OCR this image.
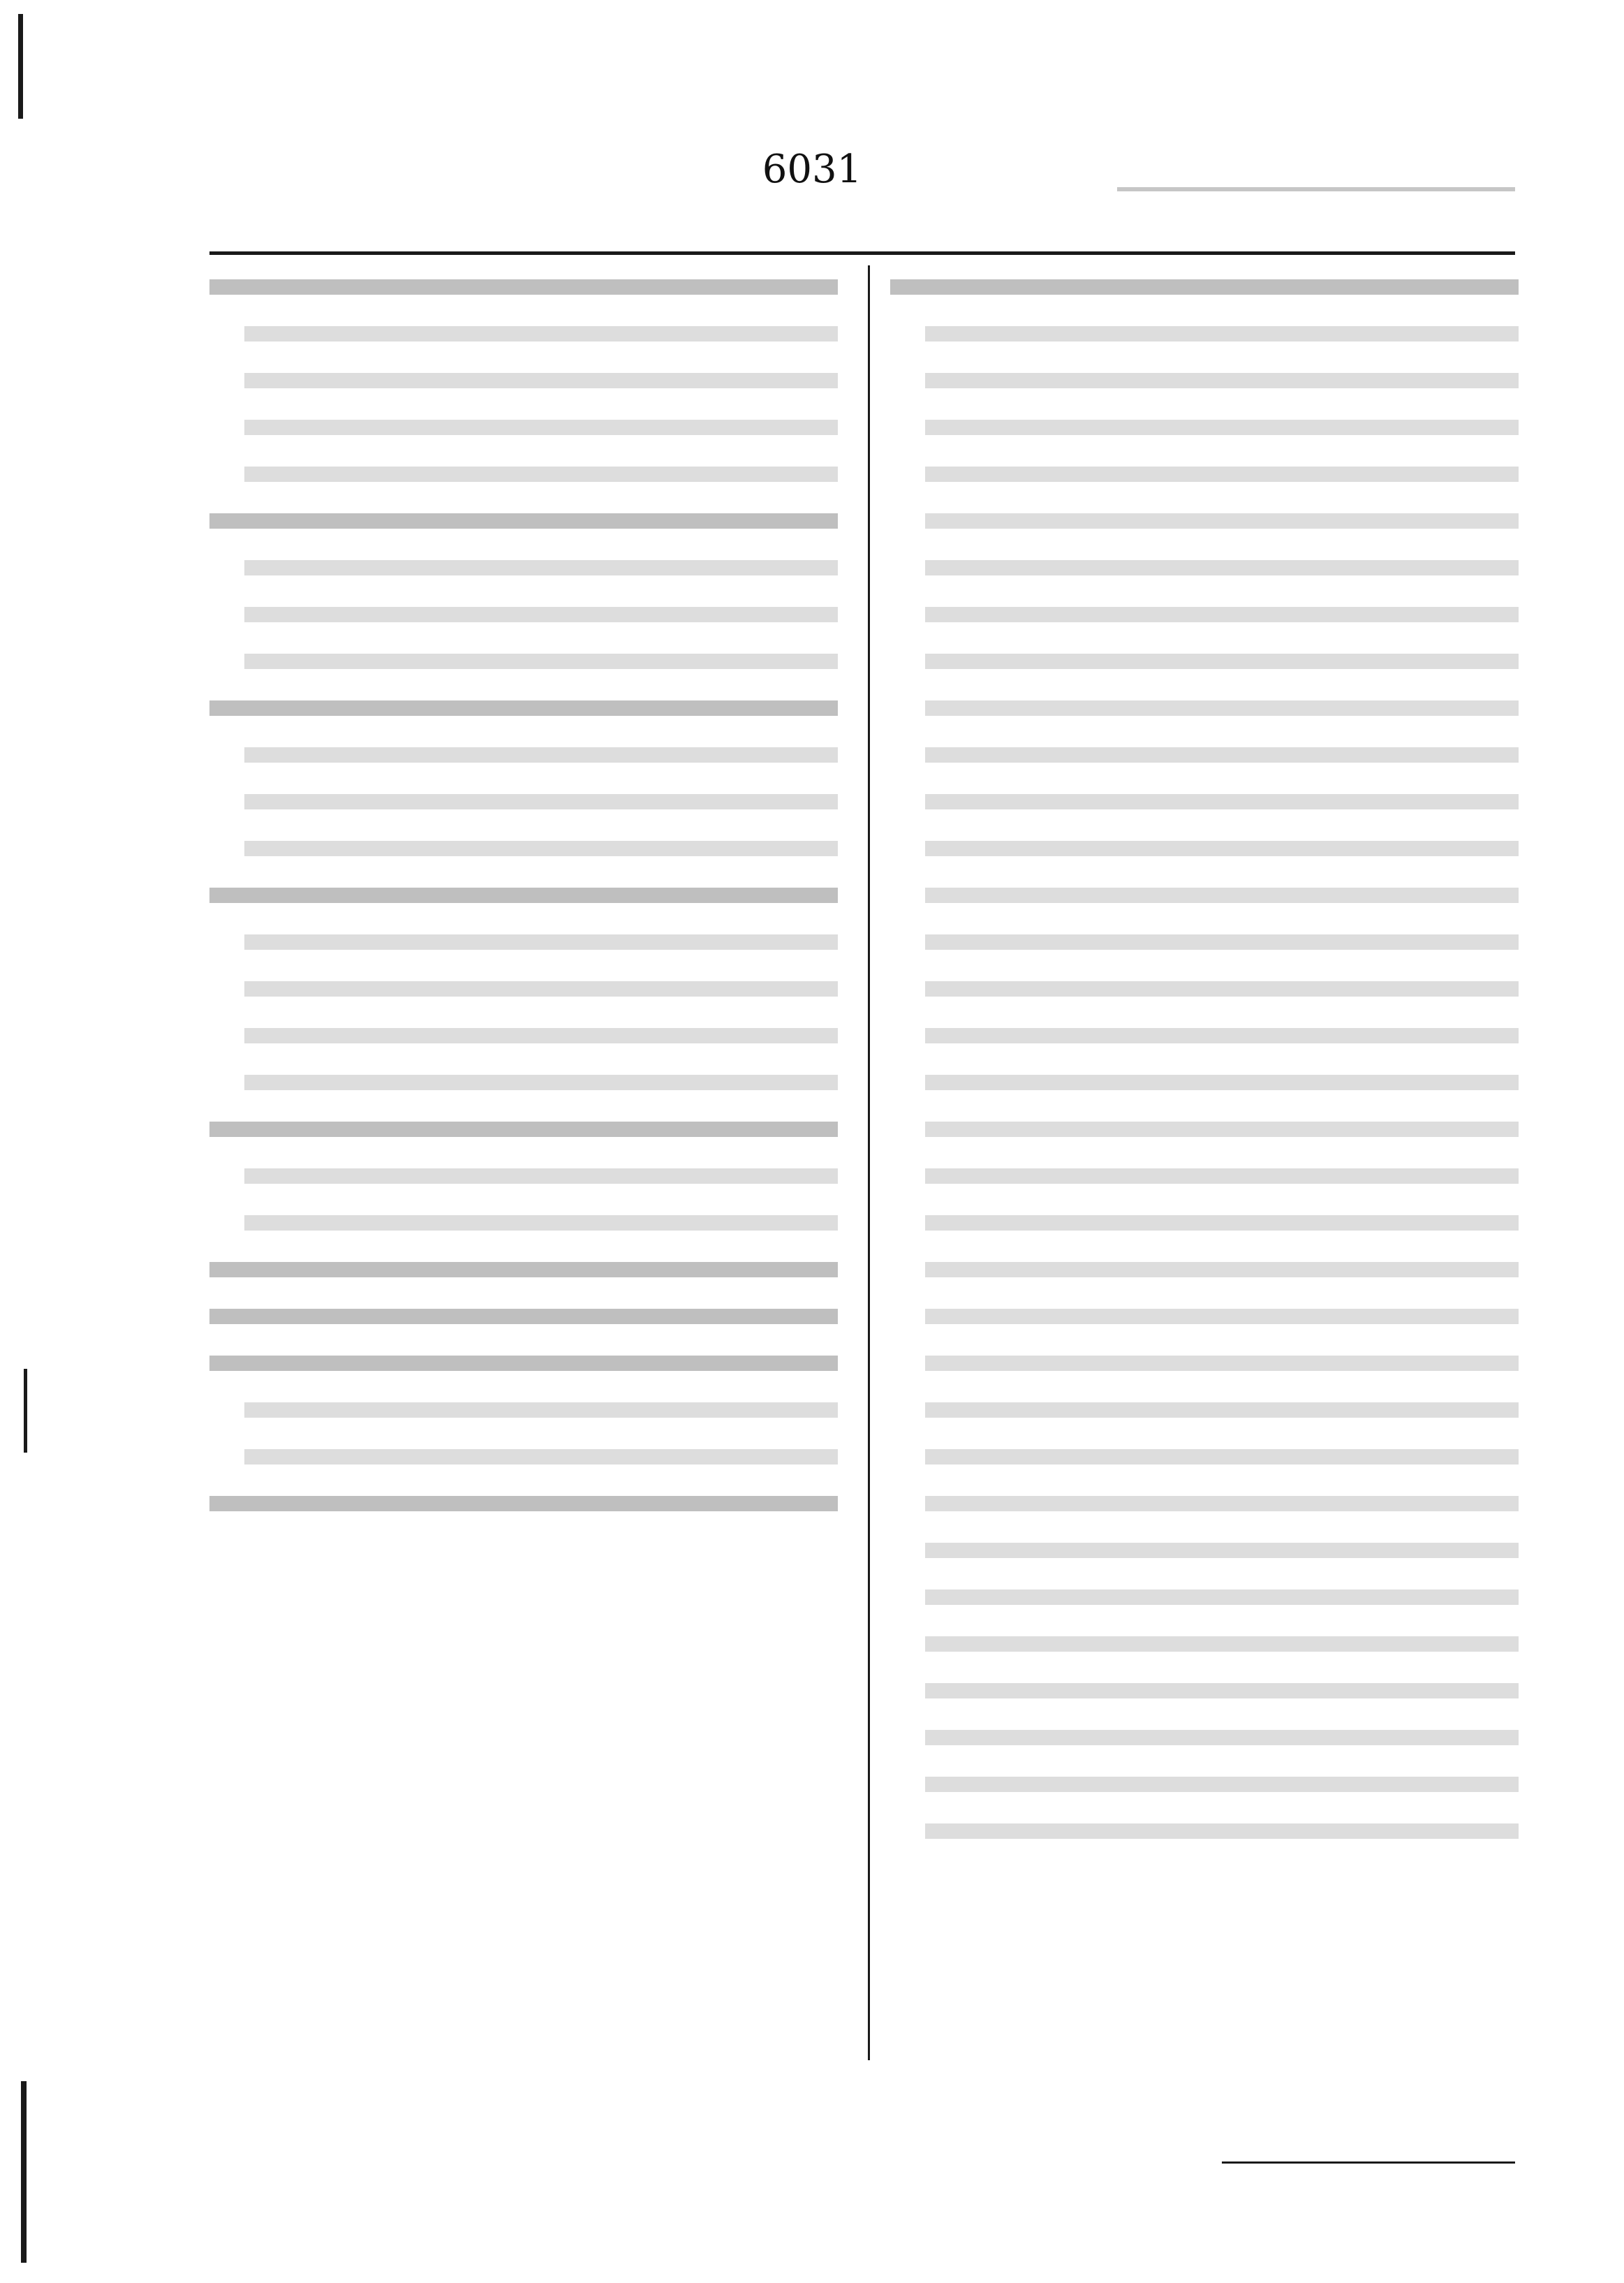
6031
